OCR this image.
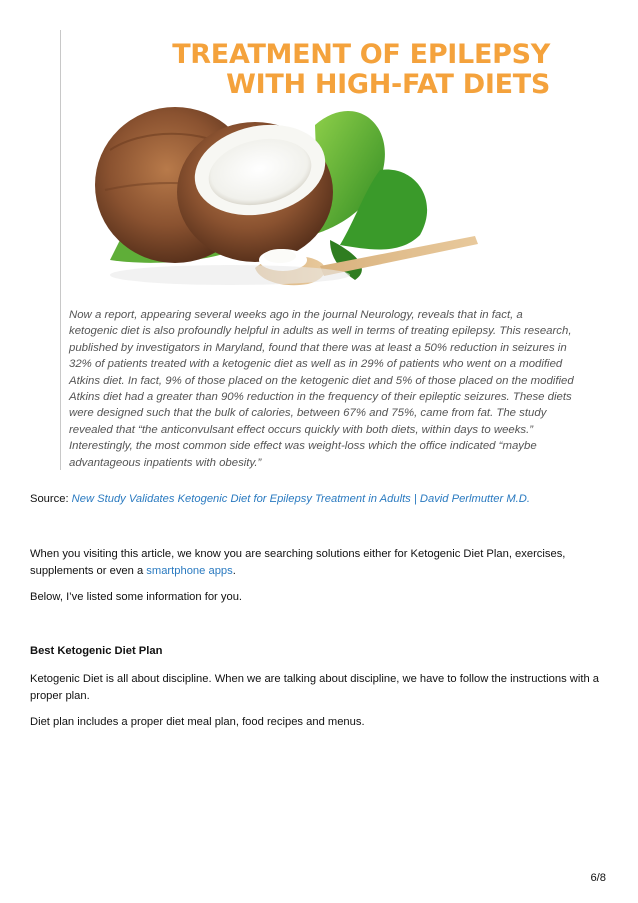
TREATMENT OF EPILEPSY
WITH HIGH-FAT DIETS
Now a report, appearing several weeks ago in the journal Neurology, reveals that in fact, a ketogenic diet is also profoundly helpful in adults as well in terms of treating epilepsy. This research, published by investigators in Maryland, found that there was at least a 50% reduction in seizures in 32% of patients treated with a ketogenic diet as well as in 29% of patients who went on a modified Atkins diet. In fact, 9% of those placed on the ketogenic diet and 5% of those placed on the modified Atkins diet had a greater than 90% reduction in the frequency of their epileptic seizures. These diets were designed such that the bulk of calories, between 67% and 75%, came from fat. The study revealed that “the anticonvulsant effect occurs quickly with both diets, within days to weeks.” Interestingly, the most common side effect was weight-loss which the office indicated “maybe advantageous inpatients with obesity.”
Source: New Study Validates Ketogenic Diet for Epilepsy Treatment in Adults | David Perlmutter M.D.
When you visiting this article, we know you are searching solutions either for Ketogenic Diet Plan, exercises, supplements or even a smartphone apps.
Below, I’ve listed some information for you.
Best Ketogenic Diet Plan
Ketogenic Diet is all about discipline. When we are talking about discipline, we have to follow the instructions with a proper plan.
Diet plan includes a proper diet meal plan, food recipes and menus.
6/8
